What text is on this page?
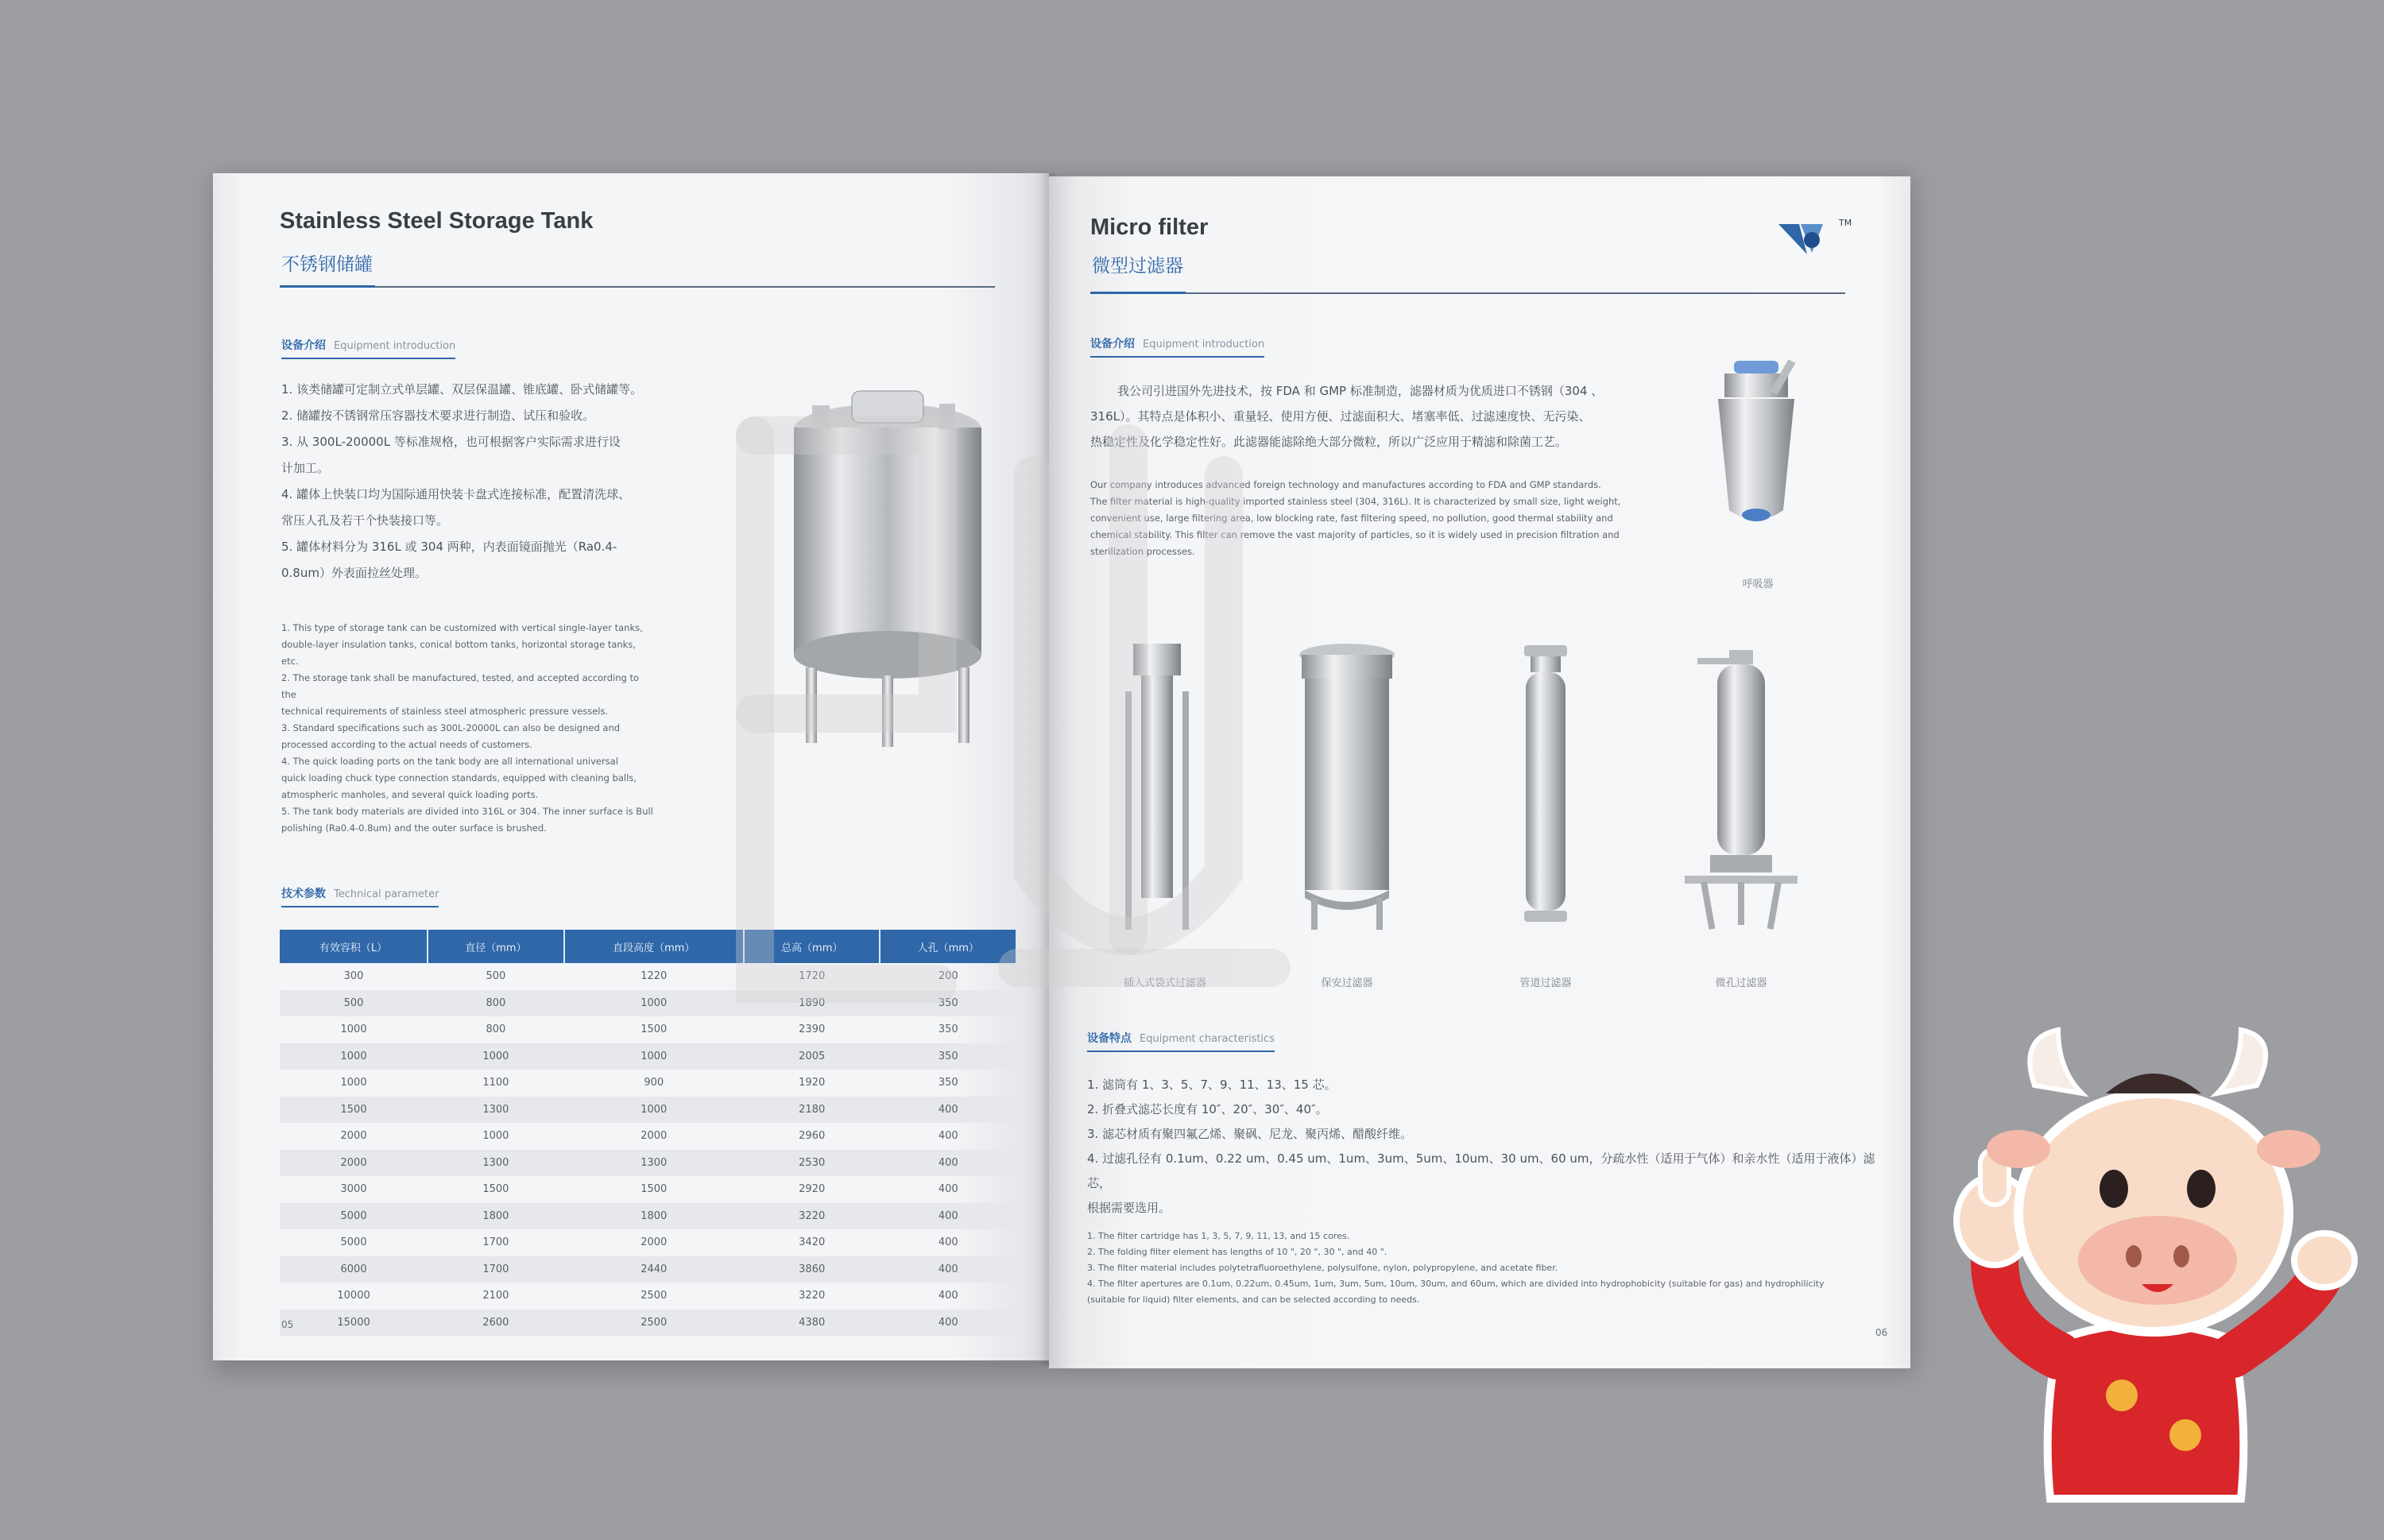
Stainless Steel Storage Tank
不锈钢储罐
设备介绍 Equipment introduction
1. 该类储罐可定制立式单层罐、双层保温罐、锥底罐、卧式储罐等。
2. 储罐按不锈钢常压容器技术要求进行制造、试压和验收。
3. 从 300L-20000L 等标准规格，也可根据客户实际需求进行设
计加工。
4. 罐体上快装口均为国际通用快装卡盘式连接标准，配置清洗球、
常压人孔及若干个快装接口等。
5. 罐体材料分为 316L 或 304 两种，内表面镜面抛光（Ra0.4-
0.8um）外表面拉丝处理。
1. This type of storage tank can be customized with vertical single-layer tanks,
double-layer insulation tanks, conical bottom tanks, horizontal storage tanks,
etc.
2. The storage tank shall be manufactured, tested, and accepted according to the
technical requirements of stainless steel atmospheric pressure vessels.
3. Standard specifications such as 300L-20000L can also be designed and
processed according to the actual needs of customers.
4. The quick loading ports on the tank body are all international universal
quick loading chuck type connection standards, equipped with cleaning balls,
atmospheric manholes, and several quick loading ports.
5. The tank body materials are divided into 316L or 304. The inner surface is Bull
polishing (Ra0.4-0.8um) and the outer surface is brushed.
技术参数 Technical parameter
有效容积（L）	直径（mm）	直段高度（mm）	总高（mm）	人孔（mm）
300	500	1220	1720	200
500	800	1000	1890	350
1000	800	1500	2390	350
1000	1000	1000	2005	350
1000	1100	900	1920	350
1500	1300	1000	2180	400
2000	1000	2000	2960	400
2000	1300	1300	2530	400
3000	1500	1500	2920	400
5000	1800	1800	3220	400
5000	1700	2000	3420	400
6000	1700	2440	3860	400
10000	2100	2500	3220	400
15000	2600	2500	4380	400
05
Micro filter
微型过滤器
TM
设备介绍 Equipment introduction
我公司引进国外先进技术，按 FDA 和 GMP 标准制造，滤器材质为优质进口不锈钢（304 、
316L）。其特点是体积小、重量轻、使用方便、过滤面积大、堵塞率低、过滤速度快、无污染、
热稳定性及化学稳定性好。此滤器能滤除绝大部分微粒，所以广泛应用于精滤和除菌工艺。
Our company introduces advanced foreign technology and manufactures according to FDA and GMP standards.
The filter material is high-quality imported stainless steel (304, 316L). It is characterized by small size, light weight,
convenient use, large filtering area, low blocking rate, fast filtering speed, no pollution, good thermal stability and
chemical stability. This filter can remove the vast majority of particles, so it is widely used in precision filtration and
sterilization processes.
呼吸器
插入式袋式过滤器	保安过滤器	管道过滤器	微孔过滤器
设备特点 Equipment characteristics
1. 滤筒有 1、3、5、7、9、11、13、15 芯。
2. 折叠式滤芯长度有 10″、20″、30″、40″。
3. 滤芯材质有聚四氟乙烯、聚砜、尼龙、聚丙烯、醋酸纤维。
4. 过滤孔径有 0.1um、0.22 um、0.45 um、1um、3um、5um、10um、30 um、60 um，分疏水性（适用于气体）和亲水性（适用于液体）滤芯，
根据需要选用。
1. The filter cartridge has 1, 3, 5, 7, 9, 11, 13, and 15 cores.
2. The folding filter element has lengths of 10 ", 20 ", 30 ", and 40 ".
3. The filter material includes polytetrafluoroethylene, polysulfone, nylon, polypropylene, and acetate fiber.
4. The filter apertures are 0.1um, 0.22um, 0.45um, 1um, 3um, 5um, 10um, 30um, and 60um, which are divided into hydrophobicity (suitable for gas) and hydrophilicity
(suitable for liquid) filter elements, and can be selected according to needs.
06
